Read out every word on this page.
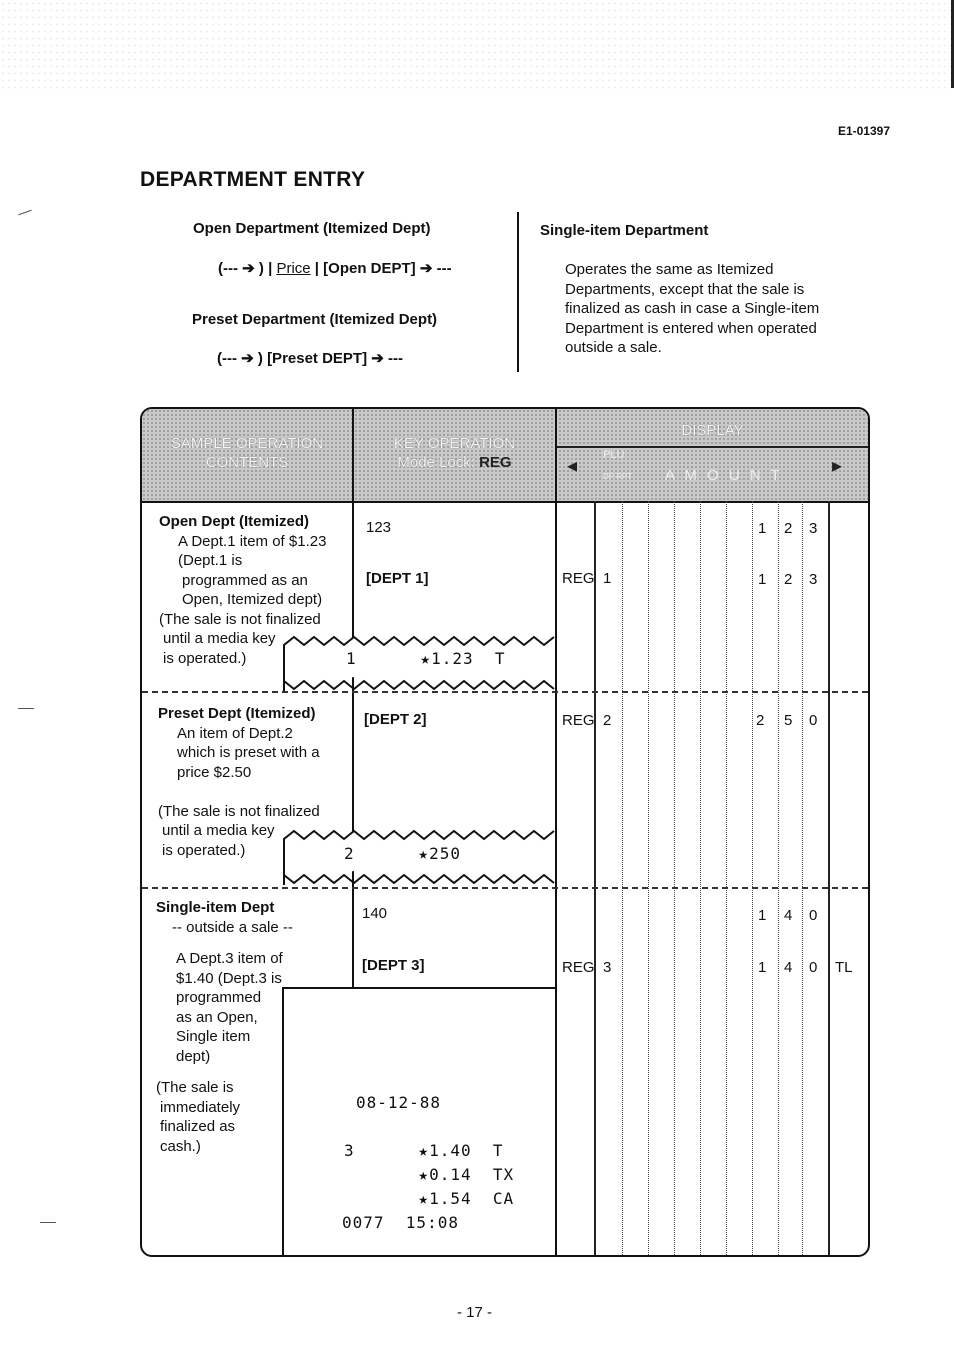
E1-01397
DEPARTMENT ENTRY
Open Department (Itemized Dept)
(--- ➔ ) | Price | [Open DEPT] ➔ ---
Preset Department (Itemized Dept)
(--- ➔ ) [Preset DEPT] ➔ ---
Single-item Department
Operates the same as Itemized
Departments, except that the sale is
finalized as cash in case a Single-item
Department is entered when operated
outside a sale.
SAMPLE OPERATION
CONTENTS
KEY OPERATION
Mode Lock: REG
DISPLAY
◂	▸
PLU
DP RPT A M O U N T
Open Dept (Itemized)
A Dept.1 item of $1.23
(Dept.1 is
programmed as an
Open, Itemized dept)
(The sale is not finalized
until a media key
is operated.)
123
[DEPT 1]
1      ★1.23  T
REG 1
1 2 3
1 2 3
Preset Dept (Itemized)
An item of Dept.2
which is preset with a
price $2.50
(The sale is not finalized
until a media key
is operated.)
[DEPT 2]
2      ★250
REG 2	2 5 0
Single-item Dept
-- outside a sale --
A Dept.3 item of
$1.40 (Dept.3 is
programmed
as an Open,
Single item
dept)
(The sale is
immediately
finalized as
cash.)
140
[DEPT 3]
08-12-88
3      ★1.40  T
★0.14  TX
★1.54  CA
0077  15:08
REG 3
1 4 0
1 4 0 TL
- 17 -
